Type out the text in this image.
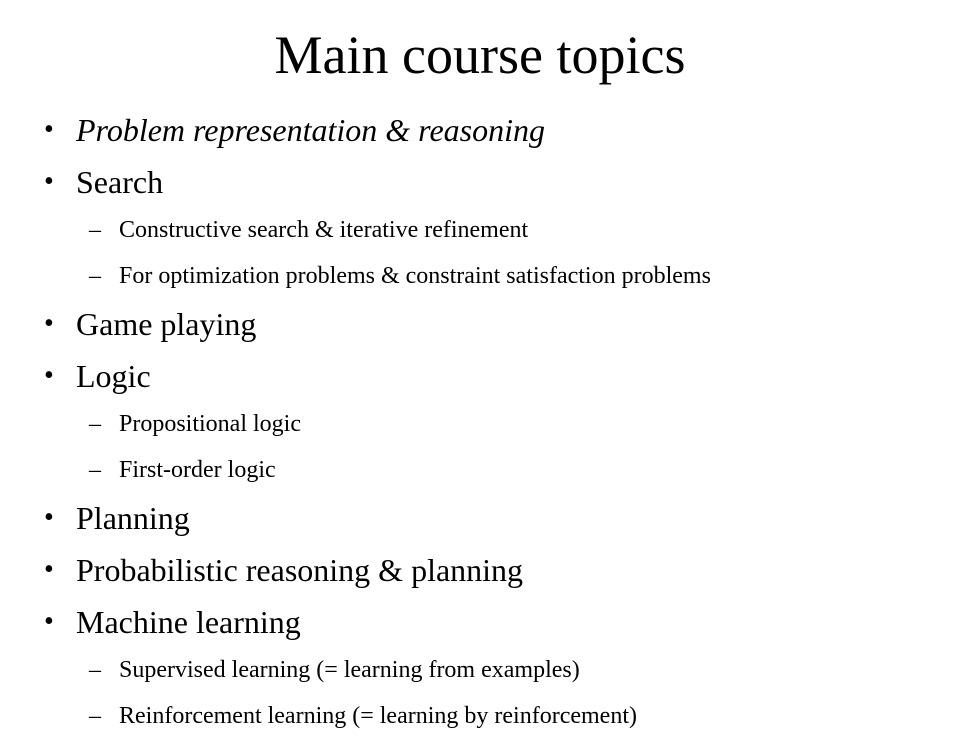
Main course topics
• Problem representation & reasoning
• Search
– Constructive search & iterative refinement
– For optimization problems & constraint satisfaction problems
• Game playing
• Logic
– Propositional logic
– First-order logic
• Planning
• Probabilistic reasoning & planning
• Machine learning
– Supervised learning (= learning from examples)
– Reinforcement learning (= learning by reinforcement)
